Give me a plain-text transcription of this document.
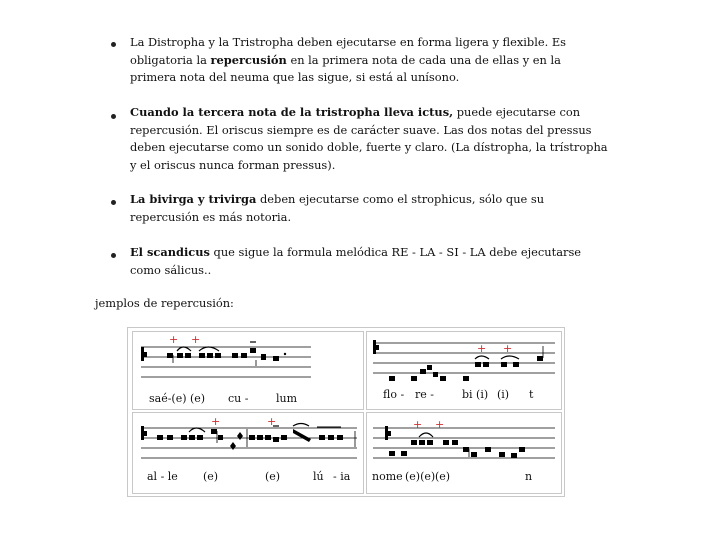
La Distropha y la Tristropha deben ejecutarse en forma ligera y flexible. Es obligatoria la repercusión en la primera nota de cada una de ellas y en la primera nota del neuma que las sigue, si está al unísono.
Cuando la tercera nota de la tristropha lleva ictus, puede ejecutarse con repercusión. El oriscus siempre es de carácter suave. Las dos notas del pressus deben ejecutarse como un sonido doble, fuerte y claro. (La dístropha, la trístropha y el oriscus nunca forman pressus).
La bivirga y trivirga deben ejecutarse como el strophicus, sólo que su repercusión es más notoria.
El scandicus que sigue la formula melódica RE - LA - SI - LA debe ejecutarse como sálicus..
jemplos de repercusión:
+ +
saé-(e) (e) cu -	lum
+ +
flo - re -	bi (i) (i) t
+	+
al - le (e)	(e)	lú - ia
+ +
nome (e)(e) (e)	n
